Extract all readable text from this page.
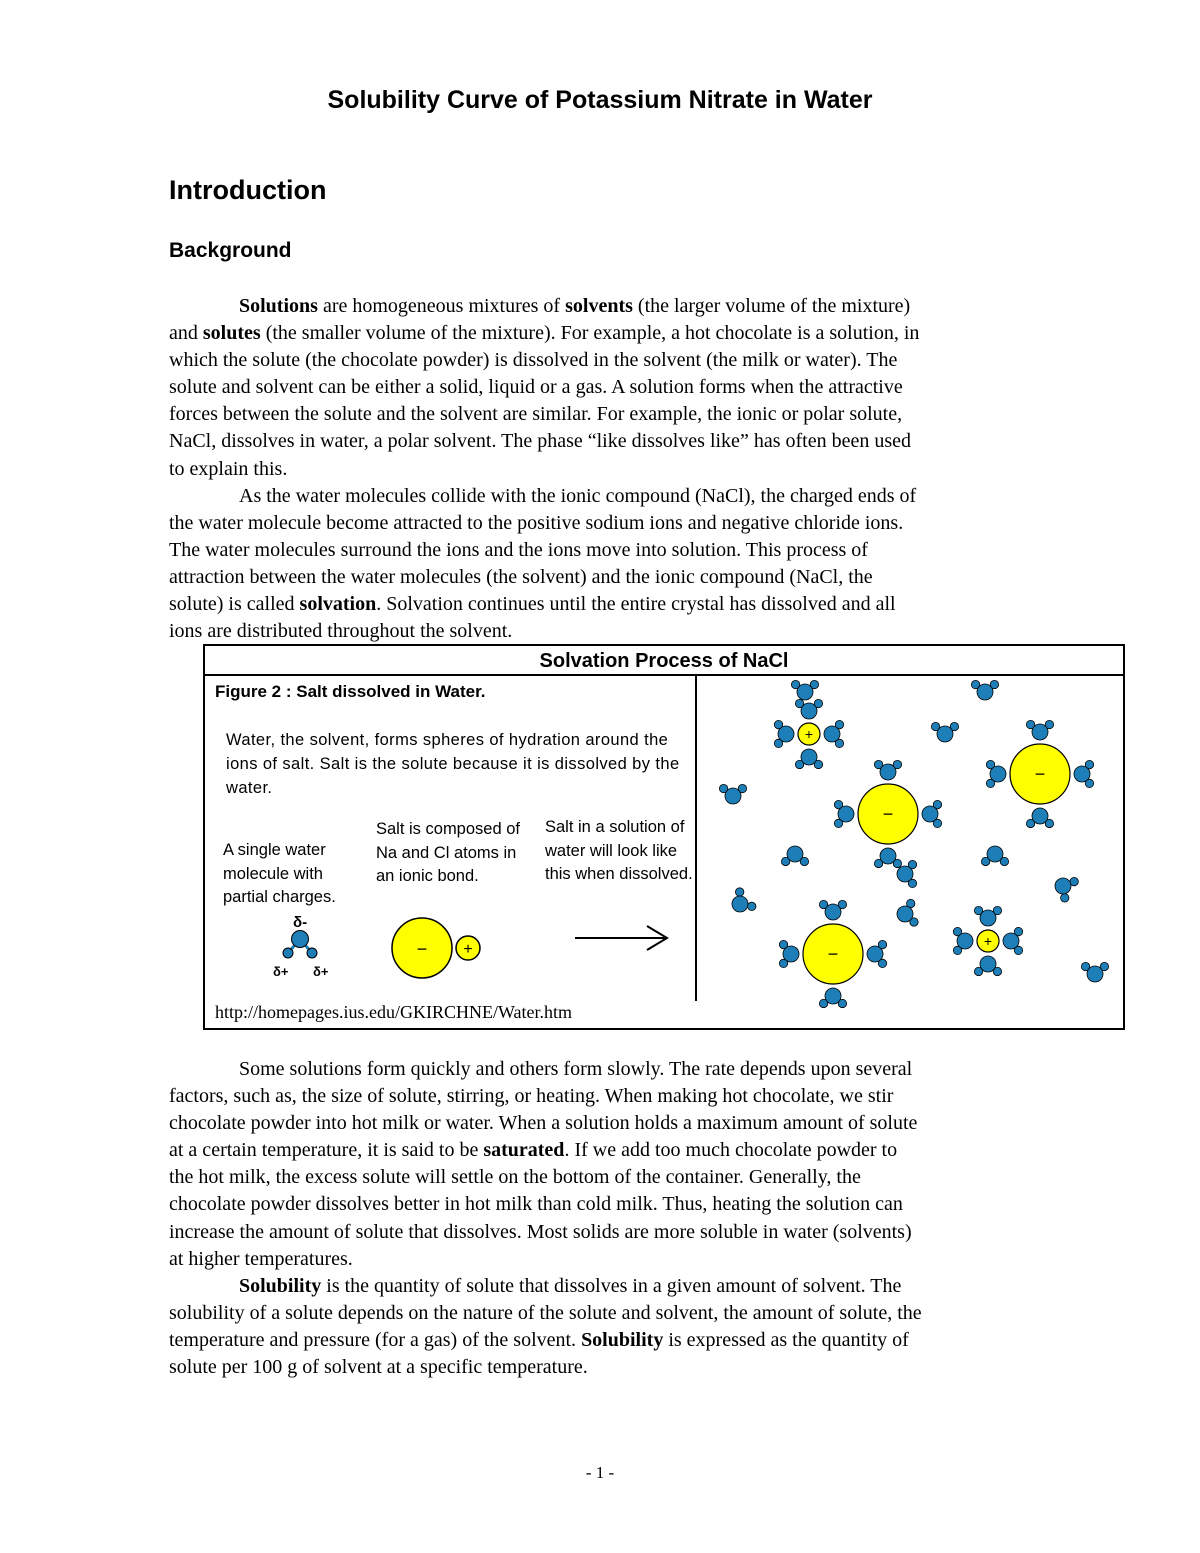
Solubility Curve of Potassium Nitrate in Water
Introduction
Background
Solutions are homogeneous mixtures of solvents (the larger volume of the mixture)
and solutes (the smaller volume of the mixture). For example, a hot chocolate is a solution, in
which the solute (the chocolate powder) is dissolved in the solvent (the milk or water). The
solute and solvent can be either a solid, liquid or a gas. A solution forms when the attractive
forces between the solute and the solvent are similar. For example, the ionic or polar solute,
NaCl, dissolves in water, a polar solvent. The phase “like dissolves like” has often been used
to explain this.
As the water molecules collide with the ionic compound (NaCl), the charged ends of
the water molecule become attracted to the positive sodium ions and negative chloride ions.
The water molecules surround the ions and the ions move into solution. This process of
attraction between the water molecules (the solvent) and the ionic compound (NaCl, the
solute) is called solvation. Solvation continues until the entire crystal has dissolved and all
ions are distributed throughout the solvent.
Solvation Process of NaCl
Figure 2 : Salt dissolved in Water.
Water, the solvent, forms spheres of hydration around the ions of salt. Salt is the solute because it is dissolved by the water.
A single water molecule with partial charges.
Salt is composed of Na and Cl atoms in an ionic bond.
Salt in a solution of water will look like this when dissolved.
δ-
δ+ δ+
− +
+
−
−
−
+
http://homepages.ius.edu/GKIRCHNE/Water.htm
Some solutions form quickly and others form slowly. The rate depends upon several
factors, such as, the size of solute, stirring, or heating. When making hot chocolate, we stir
chocolate powder into hot milk or water. When a solution holds a maximum amount of solute
at a certain temperature, it is said to be saturated. If we add too much chocolate powder to
the hot milk, the excess solute will settle on the bottom of the container. Generally, the
chocolate powder dissolves better in hot milk than cold milk. Thus, heating the solution can
increase the amount of solute that dissolves. Most solids are more soluble in water (solvents)
at higher temperatures.
Solubility is the quantity of solute that dissolves in a given amount of solvent. The
solubility of a solute depends on the nature of the solute and solvent, the amount of solute, the
temperature and pressure (for a gas) of the solvent. Solubility is expressed as the quantity of
solute per 100 g of solvent at a specific temperature.
- 1 -
